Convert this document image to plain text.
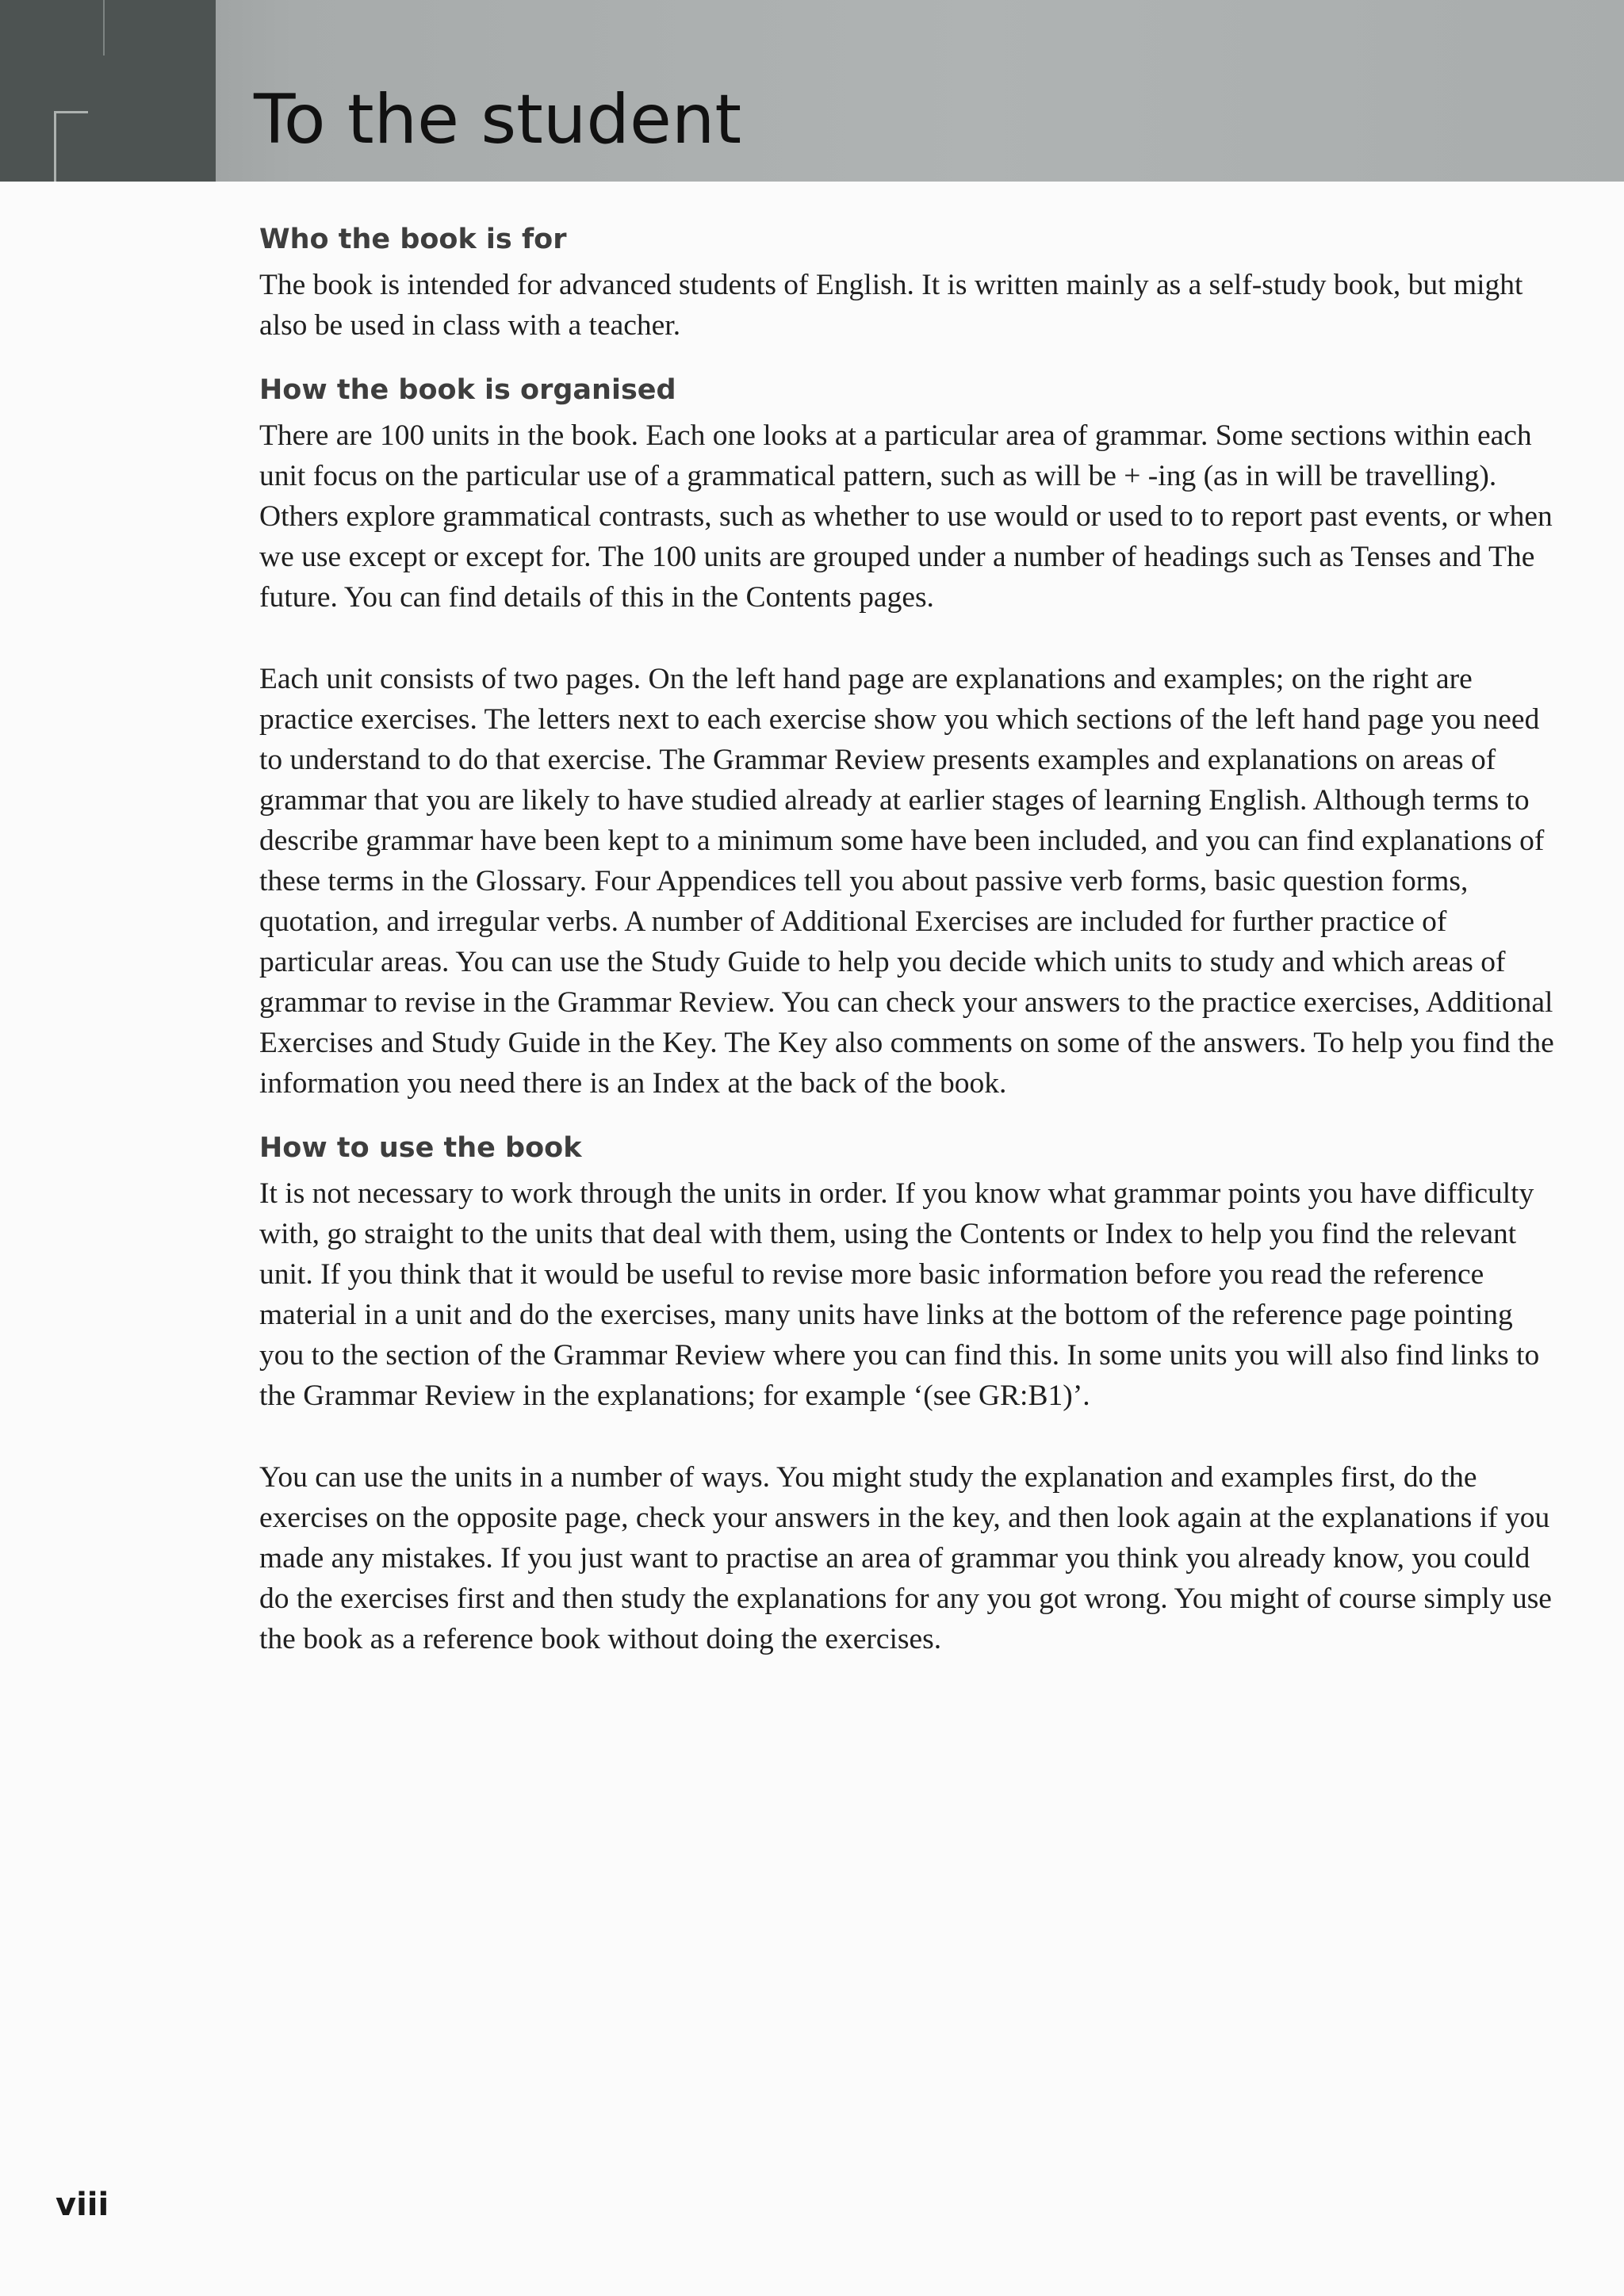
To the student
Who the book is for

The book is intended for advanced students of English. It is written mainly as a self-study book, but might also be used in class with a teacher.

How the book is organised

There are 100 units in the book. Each one looks at a particular area of grammar. Some sections within each unit focus on the particular use of a grammatical pattern, such as will be + -ing (as in will be travelling). Others explore grammatical contrasts, such as whether to use would or used to to report past events, or when we use except or except for. The 100 units are grouped under a number of headings such as Tenses and The future. You can find details of this in the Contents pages.

Each unit consists of two pages. On the left hand page are explanations and examples; on the right are practice exercises. The letters next to each exercise show you which sections of the left hand page you need to understand to do that exercise. The Grammar Review presents examples and explanations on areas of grammar that you are likely to have studied already at earlier stages of learning English. Although terms to describe grammar have been kept to a minimum some have been included, and you can find explanations of these terms in the Glossary. Four Appendices tell you about passive verb forms, basic question forms, quotation, and irregular verbs. A number of Additional Exercises are included for further practice of particular areas. You can use the Study Guide to help you decide which units to study and which areas of grammar to revise in the Grammar Review. You can check your answers to the practice exercises, Additional Exercises and Study Guide in the Key. The Key also comments on some of the answers. To help you find the information you need there is an Index at the back of the book.

How to use the book

It is not necessary to work through the units in order. If you know what grammar points you have difficulty with, go straight to the units that deal with them, using the Contents or Index to help you find the relevant unit. If you think that it would be useful to revise more basic information before you read the reference material in a unit and do the exercises, many units have links at the bottom of the reference page pointing you to the section of the Grammar Review where you can find this. In some units you will also find links to the Grammar Review in the explanations; for example ‘(see GR:B1)’.

You can use the units in a number of ways. You might study the explanation and examples first, do the exercises on the opposite page, check your answers in the key, and then look again at the explanations if you made any mistakes. If you just want to practise an area of grammar you think you already know, you could do the exercises first and then study the explanations for any you got wrong. You might of course simply use the book as a reference book without doing the exercises.

viii
